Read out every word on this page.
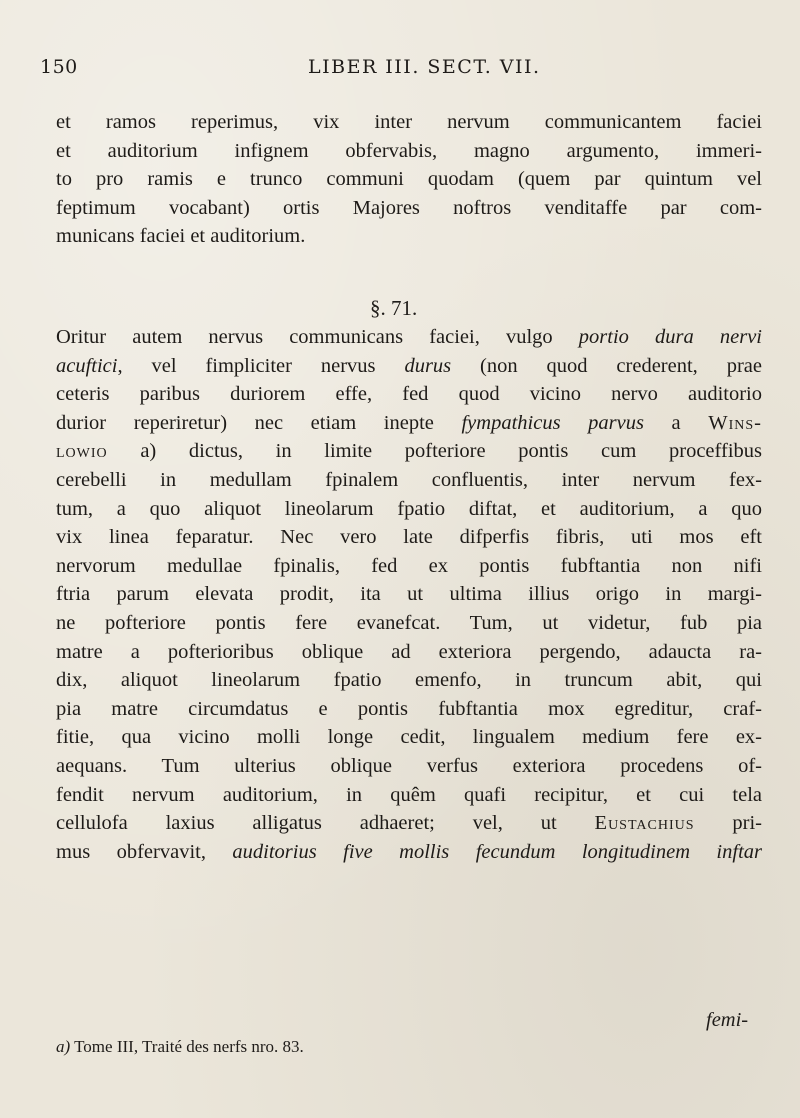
150	LIBER III. SECT. VII.
et ramos reperimus, vix inter nervum communicantem faciei
et auditorium infignem obfervabis, magno argumento, immeri-
to pro ramis e trunco communi quodam (quem par quintum vel
feptimum vocabant) ortis Majores noftros venditaffe par com-
municans faciei et auditorium.
§. 71.
Oritur autem nervus communicans faciei, vulgo portio dura nervi
acuftici, vel fimpliciter nervus durus (non quod crederent, prae
ceteris paribus duriorem effe, fed quod vicino nervo auditorio
durior reperiretur) nec etiam inepte fympathicus parvus a Wins-
lowio a) dictus, in limite pofteriore pontis cum proceffibus
cerebelli in medullam fpinalem confluentis, inter nervum fex-
tum, a quo aliquot lineolarum fpatio diftat, et auditorium, a quo
vix linea feparatur. Nec vero late difperfis fibris, uti mos eft
nervorum medullae fpinalis, fed ex pontis fubftantia non nifi
ftria parum elevata prodit, ita ut ultima illius origo in margi-
ne pofteriore pontis fere evanefcat. Tum, ut videtur, fub pia
matre a pofterioribus oblique ad exteriora pergendo, adaucta ra-
dix, aliquot lineolarum fpatio emenfo, in truncum abit, qui
pia matre circumdatus e pontis fubftantia mox egreditur, craf-
fitie, qua vicino molli longe cedit, lingualem medium fere ex-
aequans. Tum ulterius oblique verfus exteriora procedens of-
fendit nervum auditorium, in quêm quafi recipitur, et cui tela
cellulofa laxius alligatus adhaeret; vel, ut Eustachius pri-
mus obfervavit, auditorius five mollis fecundum longitudinem inftar
femi-
a) Tome III, Traité des nerfs nro. 83.
